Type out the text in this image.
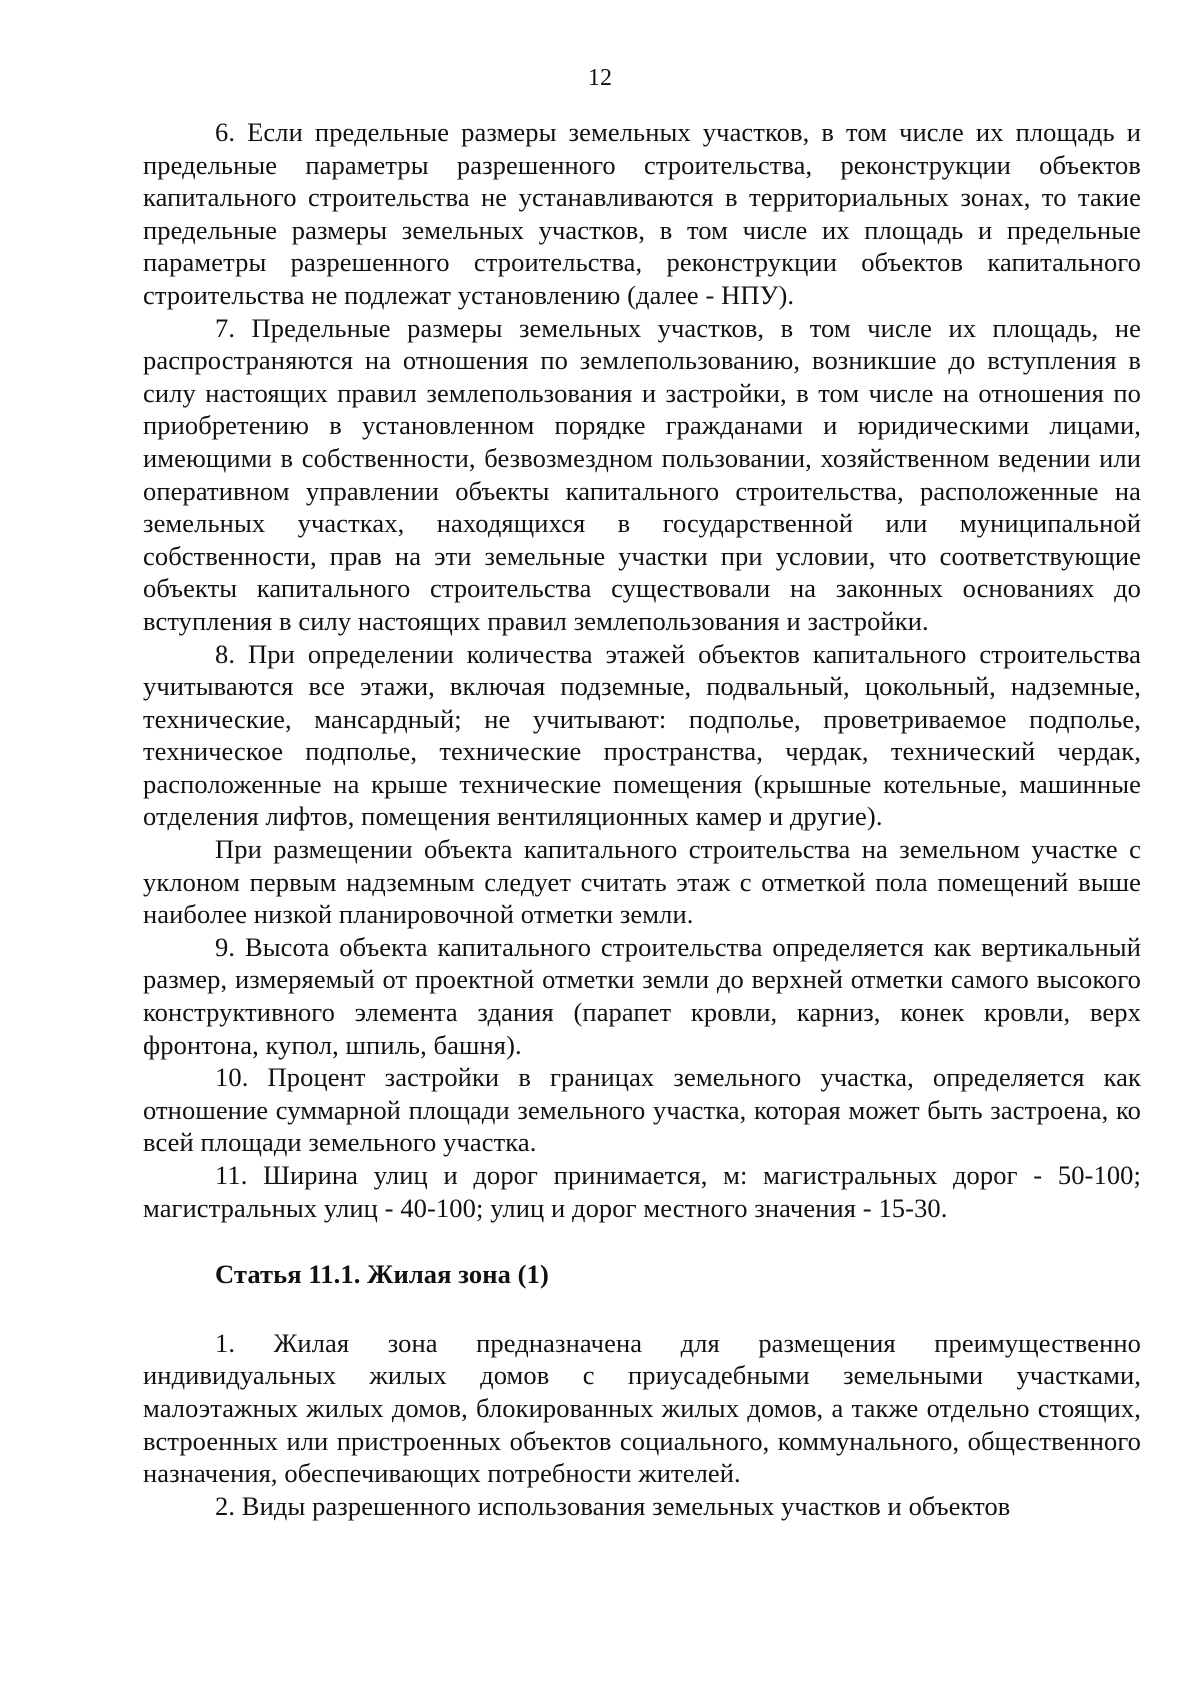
12

6. Если предельные размеры земельных участков, в том числе их площадь и предельные параметры разрешенного строительства, реконструкции объектов капитального строительства не устанавливаются в территориальных зонах, то такие предельные размеры земельных участков, в том числе их площадь и предельные параметры разрешенного строительства, реконструкции объектов капитального строительства не подлежат установлению (далее - НПУ).

7. Предельные размеры земельных участков, в том числе их площадь, не распространяются на отношения по землепользованию, возникшие до вступления в силу настоящих правил землепользования и застройки, в том числе на отношения по приобретению в установленном порядке гражданами и юридическими лицами, имеющими в собственности, безвозмездном пользовании, хозяйственном ведении или оперативном управлении объекты капитального строительства, расположенные на земельных участках, находящихся в государственной или муниципальной собственности, прав на эти земельные участки при условии, что соответствующие объекты капитального строительства существовали на законных основаниях до вступления в силу настоящих правил землепользования и застройки.

8. При определении количества этажей объектов капитального строительства учитываются все этажи, включая подземные, подвальный, цокольный, надземные, технические, мансардный; не учитывают: подполье, проветриваемое подполье, техническое подполье, технические пространства, чердак, технический чердак, расположенные на крыше технические помещения (крышные котельные, машинные отделения лифтов, помещения вентиляционных камер и другие).

При размещении объекта капитального строительства на земельном участке с уклоном первым надземным следует считать этаж с отметкой пола помещений выше наиболее низкой планировочной отметки земли.

9. Высота объекта капитального строительства определяется как вертикальный размер, измеряемый от проектной отметки земли до верхней отметки самого высокого конструктивного элемента здания (парапет кровли, карниз, конек кровли, верх фронтона, купол, шпиль, башня).

10. Процент застройки в границах земельного участка, определяется как отношение суммарной площади земельного участка, которая может быть застроена, ко всей площади земельного участка.

11. Ширина улиц и дорог принимается, м: магистральных дорог - 50-100; магистральных улиц - 40-100; улиц и дорог местного значения - 15-30.

Статья 11.1. Жилая зона (1)

1. Жилая зона предназначена для размещения преимущественно индивидуальных жилых домов с приусадебными земельными участками, малоэтажных жилых домов, блокированных жилых домов, а также отдельно стоящих, встроенных или пристроенных объектов социального, коммунального, общественного назначения, обеспечивающих потребности жителей.

2. Виды разрешенного использования земельных участков и объектов
